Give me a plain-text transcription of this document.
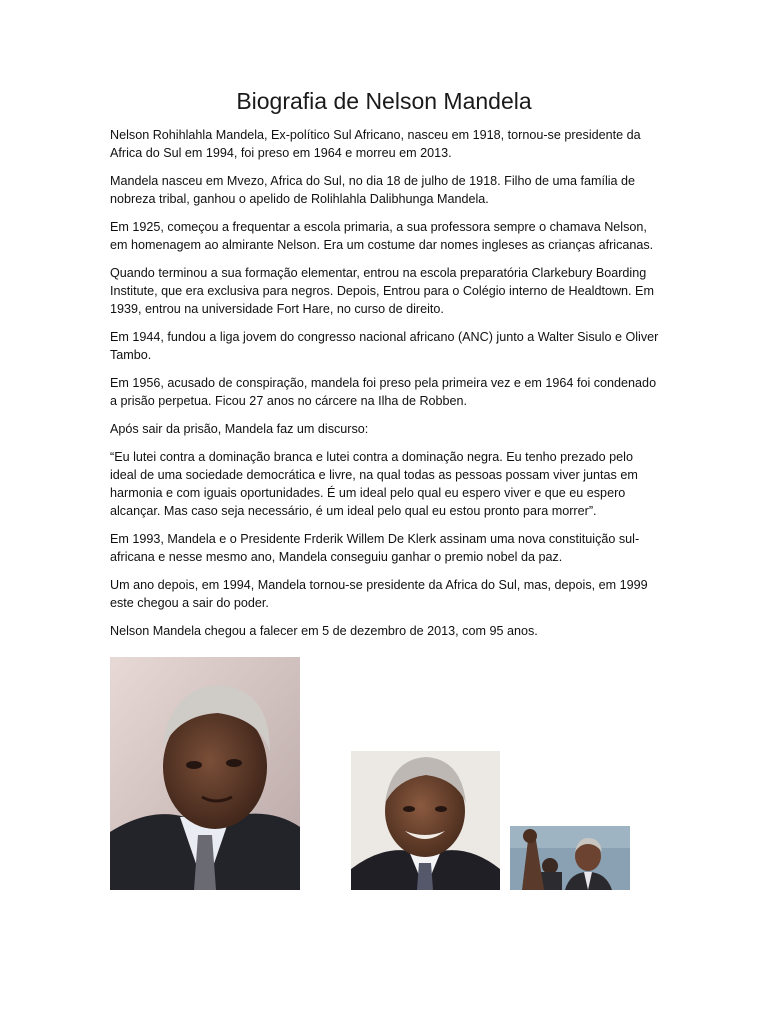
Biografia de Nelson Mandela

Nelson Rohihlahla Mandela, Ex-político Sul Africano, nasceu em 1918, tornou-se presidente da Africa do Sul em 1994, foi preso em 1964 e morreu em 2013.

Mandela nasceu em Mvezo, Africa do Sul, no dia 18 de julho de 1918. Filho de uma família de nobreza tribal, ganhou o apelido de Rolihlahla Dalibhunga Mandela.

Em 1925, começou a frequentar a escola primaria, a sua professora sempre o chamava Nelson, em homenagem ao almirante Nelson. Era um costume dar nomes ingleses as crianças africanas.

Quando terminou a sua formação elementar, entrou na escola preparatória Clarkebury Boarding Institute, que era exclusiva para negros. Depois, Entrou para o Colégio interno de Healdtown. Em 1939, entrou na universidade Fort Hare, no curso de direito.

Em 1944, fundou a liga jovem do congresso nacional africano (ANC) junto a Walter Sisulo e Oliver Tambo.

Em 1956, acusado de conspiração, mandela foi preso pela primeira vez e em 1964 foi condenado a prisão perpetua. Ficou 27 anos no cárcere na Ilha de Robben.

Após sair da prisão, Mandela faz um discurso:

“Eu lutei contra a dominação branca e lutei contra a dominação negra. Eu tenho prezado pelo ideal de uma sociedade democrática e livre, na qual todas as pessoas possam viver juntas em harmonia e com iguais oportunidades. É um ideal pelo qual eu espero viver e que eu espero alcançar. Mas caso seja necessário, é um ideal pelo qual eu estou pronto para morrer”.

Em 1993, Mandela e o Presidente Frderik Willem De Klerk assinam uma nova constituição sul-africana e nesse mesmo ano, Mandela conseguiu ganhar o premio nobel da paz.

Um ano depois, em 1994, Mandela tornou-se presidente da Africa do Sul, mas, depois, em 1999 este chegou a sair do poder.

Nelson Mandela chegou a falecer em 5 de dezembro de 2013, com 95 anos.
